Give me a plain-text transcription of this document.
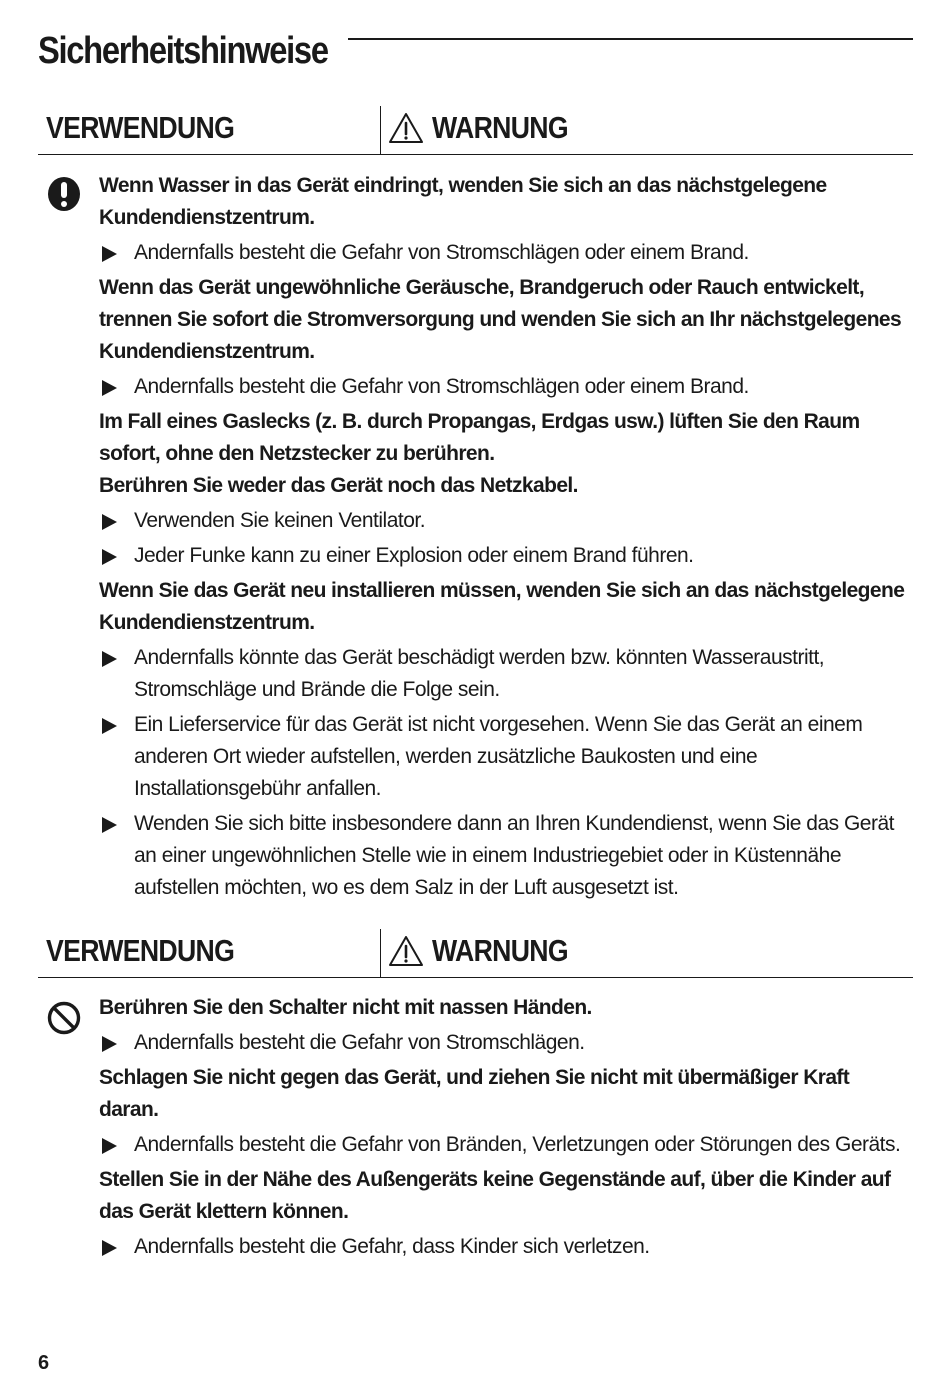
Sicherheitshinweise
VERWENDUNG	WARNUNG

Wenn Wasser in das Gerät eindringt, wenden Sie sich an das nächstgelegene Kundendienstzentrum.

Andernfalls besteht die Gefahr von Stromschlägen oder einem Brand.

Wenn das Gerät ungewöhnliche Geräusche, Brandgeruch oder Rauch entwickelt, trennen Sie sofort die Stromversorgung und wenden Sie sich an Ihr nächstgelegenes Kundendienstzentrum.

Andernfalls besteht die Gefahr von Stromschlägen oder einem Brand.

Im Fall eines Gaslecks (z. B. durch Propangas, Erdgas usw.) lüften Sie den Raum sofort, ohne den Netzstecker zu berühren.

Berühren Sie weder das Gerät noch das Netzkabel.

Verwenden Sie keinen Ventilator.

Jeder Funke kann zu einer Explosion oder einem Brand führen.

Wenn Sie das Gerät neu installieren müssen, wenden Sie sich an das nächstgelegene Kundendienstzentrum.

Andernfalls könnte das Gerät beschädigt werden bzw. könnten Wasseraustritt, Stromschläge und Brände die Folge sein.

Ein Lieferservice für das Gerät ist nicht vorgesehen. Wenn Sie das Gerät an einem anderen Ort wieder aufstellen, werden zusätzliche Baukosten und eine Installationsgebühr anfallen.

Wenden Sie sich bitte insbesondere dann an Ihren Kundendienst, wenn Sie das Gerät an einer ungewöhnlichen Stelle wie in einem Industriegebiet oder in Küstennähe aufstellen möchten, wo es dem Salz in der Luft ausgesetzt ist.

VERWENDUNG	WARNUNG

Berühren Sie den Schalter nicht mit nassen Händen.

Andernfalls besteht die Gefahr von Stromschlägen.

Schlagen Sie nicht gegen das Gerät, und ziehen Sie nicht mit übermäßiger Kraft daran.

Andernfalls besteht die Gefahr von Bränden, Verletzungen oder Störungen des Geräts.

Stellen Sie in der Nähe des Außengeräts keine Gegenstände auf, über die Kinder auf das Gerät klettern können.

Andernfalls besteht die Gefahr, dass Kinder sich verletzen.

6
